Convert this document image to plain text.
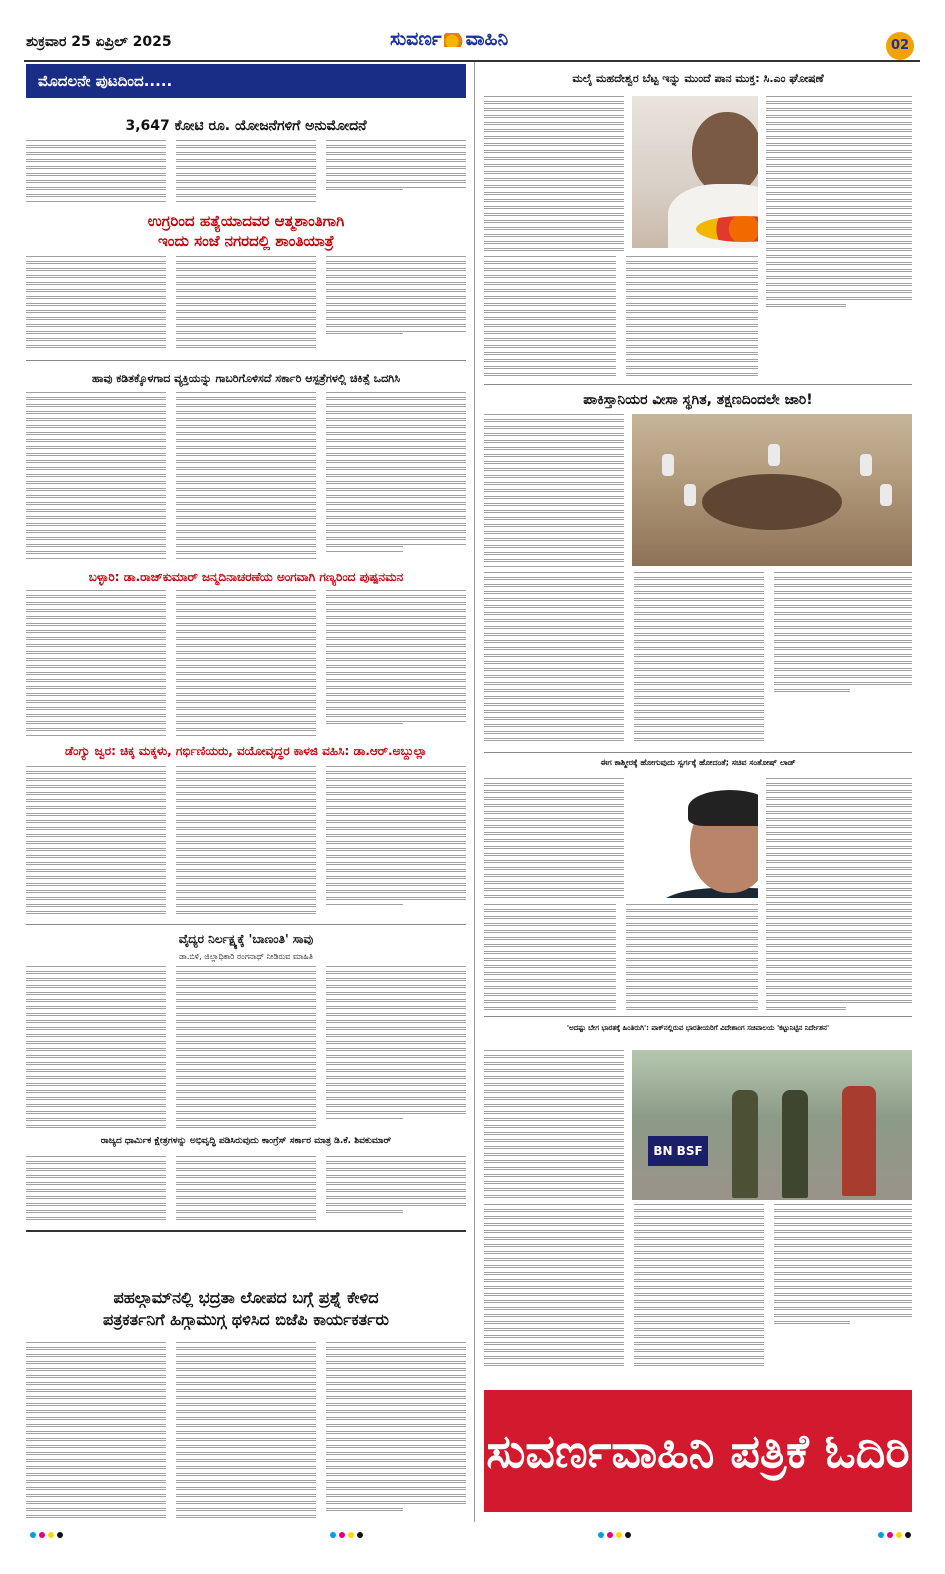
ಶುಕ್ರವಾರ 25 ಏಪ್ರಿಲ್ 2025	ಸುವರ್ಣ ವಾಹಿನಿ	02
ಮೊದಲನೇ ಪುಟದಿಂದ.....
3,647 ಕೋಟಿ ರೂ. ಯೋಜನೆಗಳಿಗೆ ಅನುಮೋದನೆ
ಉಗ್ರರಿಂದ ಹತ್ಯೆಯಾದವರ ಆತ್ಮಶಾಂತಿಗಾಗಿ
ಇಂದು ಸಂಜೆ ನಗರದಲ್ಲಿ ಶಾಂತಿಯಾತ್ರೆ
ಹಾವು ಕಡಿತಕ್ಕೊಳಗಾದ ವ್ಯಕ್ತಿಯನ್ನು ಗಾಬರಿಗೊಳಿಸದೆ ಸರ್ಕಾರಿ ಆಸ್ಪತ್ರೆಗಳಲ್ಲಿ ಚಿಕಿತ್ಸೆ ಒದಗಿಸಿ
ಬಳ್ಳಾರಿ: ಡಾ.ರಾಜ್‌ಕುಮಾರ್ ಜನ್ಮದಿನಾಚರಣೆಯ ಅಂಗವಾಗಿ ಗಣ್ಯರಿಂದ ಪುಷ್ಪನಮನ
ಡೆಂಗ್ಯು ಜ್ವರ: ಚಿಕ್ಕ ಮಕ್ಕಳು, ಗರ್ಭಿಣಿಯರು, ವಯೋವೃದ್ಧರ ಕಾಳಜಿ ವಹಿಸಿ: ಡಾ.ಆರ್.ಅಬ್ದುಲ್ಲಾ
ವೈದ್ಯರ ನಿರ್ಲಕ್ಷ್ಯಕ್ಕೆ 'ಬಾಣಂತಿ' ಸಾವು
ಡಾ.ಬಿಳಿ, ಜಿಲ್ಲಾಧಿಕಾರಿ ರಂಗನಾಥ್ ನೀಡಿರುವ ಮಾಹಿತಿ
ರಾಜ್ಯದ ಧಾರ್ಮಿಕ ಕ್ಷೇತ್ರಗಳನ್ನು ಅಭಿವೃದ್ಧಿ ಪಡಿಸಿರುವುದು ಕಾಂಗ್ರೆಸ್ ಸರ್ಕಾರ ಮಾತ್ರ ಡಿ.ಕೆ. ಶಿವಕುಮಾರ್
ಪಹಲ್ಗಾಮ್‌ನಲ್ಲಿ ಭದ್ರತಾ ಲೋಪದ ಬಗ್ಗೆ ಪ್ರಶ್ನೆ ಕೇಳಿದ
ಪತ್ರಕರ್ತನಿಗೆ ಹಿಗ್ಗಾಮುಗ್ಗ ಥಳಿಸಿದ ಬಿಜೆಪಿ ಕಾರ್ಯಕರ್ತರು
ಮಲೈ ಮಹದೇಶ್ವರ ಬೆಟ್ಟ ಇನ್ನು ಮುಂದೆ ಪಾನ ಮುಕ್ತ: ಸಿ.ಎಂ ಘೋಷಣೆ
ಪಾಕಿಸ್ತಾನಿಯರ ವೀಸಾ ಸ್ಥಗಿತ, ತಕ್ಷಣದಿಂದಲೇ ಜಾರಿ!
ಈಗ ಕಾಶ್ಮೀರಕ್ಕೆ ಹೋಗುವುದು ಸ್ವರ್ಗಕ್ಕೆ ಹೋದಂತೆ; ಸಚಿವ ಸಂತೋಷ್ ಲಾಡ್
'ಅದಷ್ಟು ಬೇಗ ಭಾರತಕ್ಕೆ ಹಿಂತಿರುಗಿ': ಪಾಕ್‌ನಲ್ಲಿರುವ ಭಾರತೀಯರಿಗೆ ವಿದೇಶಾಂಗ ಸಚಿವಾಲಯ 'ಕಟ್ಟುನಿಟ್ಟಿನ ನಿರ್ದೇಶನ'
BN BSF
ಸುವರ್ಣವಾಹಿನಿ ಪತ್ರಿಕೆ ಓದಿರಿ
